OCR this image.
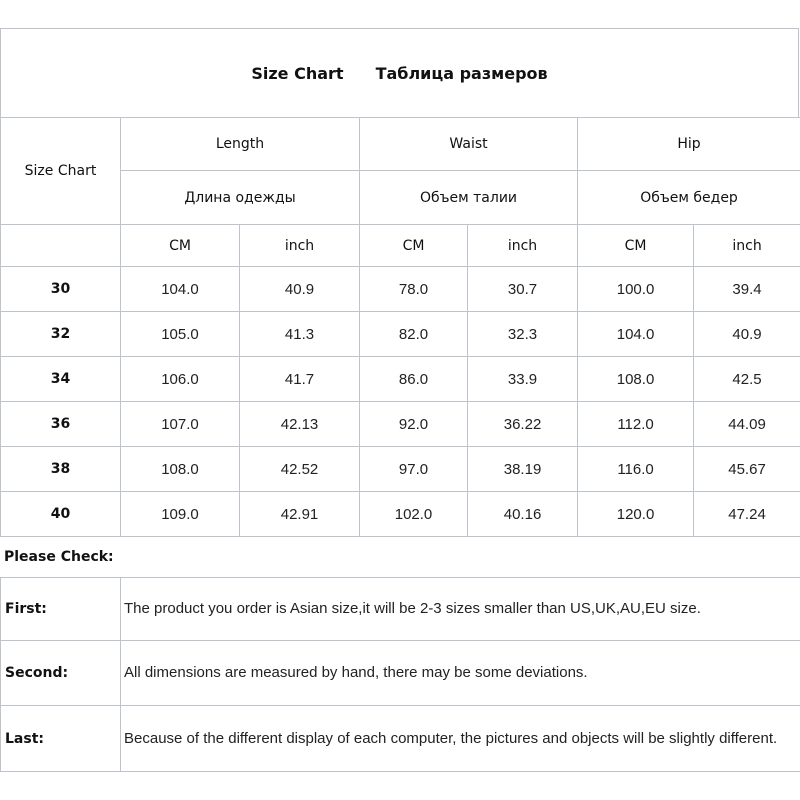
Size Chart Таблица размеров
Size Chart	Length		Waist		Hip	
	Длина одежды		Объем талии		Объем бедер	
	CM	inch	CM	inch	CM	inch
30	104.0	40.9	78.0	30.7	100.0	39.4
32	105.0	41.3	82.0	32.3	104.0	40.9
34	106.0	41.7	86.0	33.9	108.0	42.5
36	107.0	42.13	92.0	36.22	112.0	44.09
38	108.0	42.52	97.0	38.19	116.0	45.67
40	109.0	42.91	102.0	40.16	120.0	47.24
Please Check:
First:	The product you order is Asian size,it will be 2-3 sizes smaller than US,UK,AU,EU size.
Second:	All dimensions are measured by hand, there may be some deviations.
Last:	Because of the different display of each computer, the pictures and objects will be slightly different.
